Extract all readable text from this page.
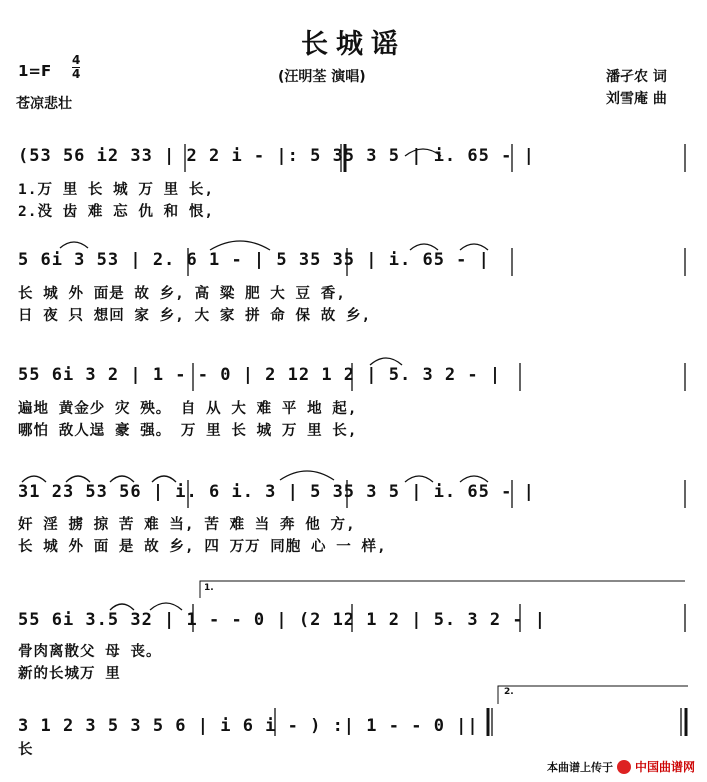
长城谣
1=F
4
4
苍凉悲壮
(汪明荃 演唱)	潘孑农 词
刘雪庵 曲
(53 56 i2 33 | 2 2 i - |: 5 35 3 5 | i. 65 - |
1.万 里 长 城 万 里 长,
2.没 齿 难 忘 仇 和 恨,
5 6i 3 53 | 2. 6 1 - | 5 35 35 | i. 65 - |
长 城 外 面是 故 乡, 高 粱 肥 大 豆 香,
日 夜 只 想回 家 乡, 大 家 拼 命 保 故 乡,
55 6i 3 2 | 1 - - 0 | 2 12 1 2 | 5. 3 2 - |
遍地 黄金少 灾 殃。 自 从 大 难 平 地 起,
哪怕 敌人逞 豪 强。 万 里 长 城 万 里 长,
31 23 53 56 | i. 6 i. 3 | 5 35 3 5 | i. 65 - |
奸 淫 掳 掠 苦 难 当, 苦 难 当 奔 他 方,
长 城 外 面 是 故 乡, 四 万万 同胞 心 一 样,
55 6i 3.5 32 | 1 - - 0 | (2 12 1 2 | 5. 3 2 - |
骨肉离散父 母 丧。
新的长城万 里
1.
3 1 2 3 5 3 5 6 | i 6 i - ) :| 1 - - 0 ||
长
2.
本曲谱上传于 中国曲谱网
